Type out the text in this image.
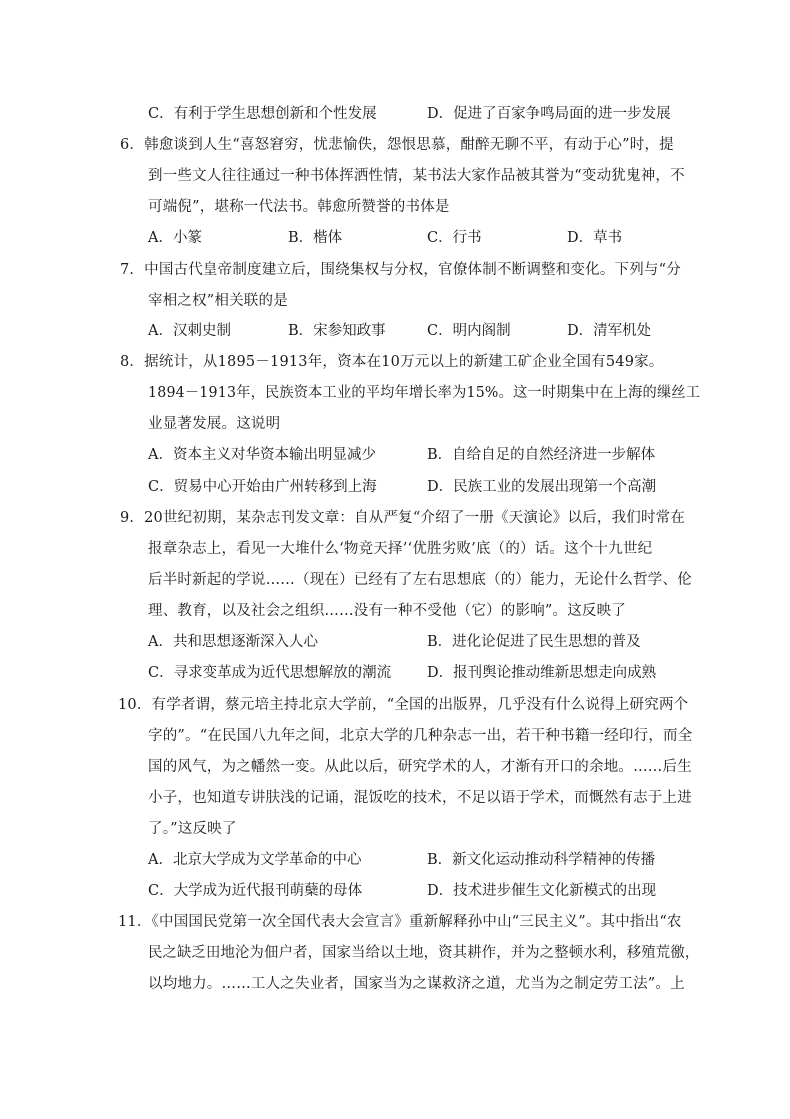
C．有利于学生思想创新和个性发展	D．促进了百家争鸣局面的进一步发展
6．韩愈谈到人生“喜怒窘穷，忧悲愉佚，怨恨思慕，酣醉无聊不平，有动于心”时，提
到一些文人往往通过一种书体挥洒性情，某书法大家作品被其誉为“变动犹鬼神，不
可端倪”，堪称一代法书。韩愈所赞誉的书体是
A．小篆	B．楷体	C．行书	D．草书
7．中国古代皇帝制度建立后，围绕集权与分权，官僚体制不断调整和变化。下列与“分
宰相之权”相关联的是
A．汉刺史制	B．宋参知政事	C．明内阁制	D．清军机处
8．据统计，从1895－1913年，资本在10万元以上的新建工矿企业全国有549家。
1894－1913年，民族资本工业的平均年增长率为15%。这一时期集中在上海的缫丝工
业显著发展。这说明
A．资本主义对华资本输出明显减少	B．自给自足的自然经济进一步解体
C．贸易中心开始由广州转移到上海	D．民族工业的发展出现第一个高潮
9．20世纪初期，某杂志刊发文章：自从严复“介绍了一册《天演论》以后，我们时常在
报章杂志上，看见一大堆什么‘物竞天择’‘优胜劣败’底（的）话。这个十九世纪
后半时新起的学说……（现在）已经有了左右思想底（的）能力，无论什么哲学、伦
理、教育，以及社会之组织……没有一种不受他（它）的影响”。这反映了
A．共和思想逐渐深入人心	B．进化论促进了民生思想的普及
C．寻求变革成为近代思想解放的潮流 D．报刊舆论推动维新思想走向成熟
10．有学者谓，蔡元培主持北京大学前，“全国的出版界，几乎没有什么说得上研究两个
字的”。“在民国八九年之间，北京大学的几种杂志一出，若干种书籍一经印行，而全
国的风气，为之幡然一变。从此以后，研究学术的人，才渐有开口的余地。……后生
小子，也知道专讲肤浅的记诵，混饭吃的技术，不足以语于学术，而慨然有志于上进
了。”这反映了
A．北京大学成为文学革命的中心	B．新文化运动推动科学精神的传播
C．大学成为近代报刊萌蘖的母体	D．技术进步催生文化新模式的出现
11．《中国国民党第一次全国代表大会宣言》重新解释孙中山“三民主义”。其中指出“农
民之缺乏田地沦为佃户者，国家当给以土地，资其耕作，并为之整顿水利，移殖荒徼，
以均地力。……工人之失业者，国家当为之谋救济之道，尤当为之制定劳工法”。上
